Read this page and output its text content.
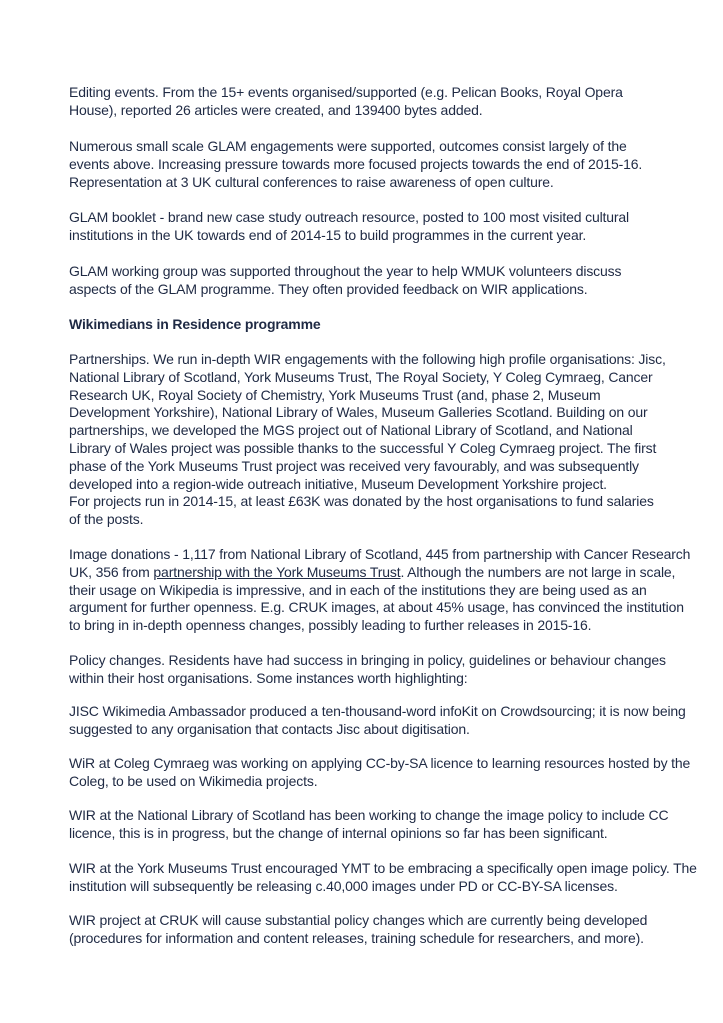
Editing events. From the 15+ events organised/supported (e.g. Pelican Books, Royal Opera
House), reported 26 articles were created, and 139400 bytes added.
Numerous small scale GLAM engagements were supported, outcomes consist largely of the
events above. Increasing pressure towards more focused projects towards the end of 2015-16.
Representation at 3 UK cultural conferences to raise awareness of open culture.
GLAM booklet - brand new case study outreach resource, posted to 100 most visited cultural
institutions in the UK towards end of 2014-15 to build programmes in the current year.
GLAM working group was supported throughout the year to help WMUK volunteers discuss
aspects of the GLAM programme. They often provided feedback on WIR applications.
Wikimedians in Residence programme
Partnerships. We run in-depth WIR engagements with the following high profile organisations: Jisc,
National Library of Scotland, York Museums Trust, The Royal Society, Y Coleg Cymraeg, Cancer
Research UK, Royal Society of Chemistry, York Museums Trust (and, phase 2, Museum
Development Yorkshire), National Library of Wales, Museum Galleries Scotland. Building on our
partnerships, we developed the MGS project out of National Library of Scotland, and National
Library of Wales project was possible thanks to the successful Y Coleg Cymraeg project. The first
phase of the York Museums Trust project was received very favourably, and was subsequently
developed into a region-wide outreach initiative, Museum Development Yorkshire project.
For projects run in 2014-15, at least £63K was donated by the host organisations to fund salaries
of the posts.
Image donations - 1,117 from National Library of Scotland, 445 from partnership with Cancer Research
UK, 356 from partnership with the York Museums Trust. Although the numbers are not large in scale,
their usage on Wikipedia is impressive, and in each of the institutions they are being used as an
argument for further openness. E.g. CRUK images, at about 45% usage, has convinced the institution
to bring in in-depth openness changes, possibly leading to further releases in 2015-16.
Policy changes. Residents have had success in bringing in policy, guidelines or behaviour changes
within their host organisations. Some instances worth highlighting:
JISC Wikimedia Ambassador produced a ten-thousand-word infoKit on Crowdsourcing; it is now being
suggested to any organisation that contacts Jisc about digitisation.
WiR at Coleg Cymraeg was working on applying CC-by-SA licence to learning resources hosted by the
Coleg, to be used on Wikimedia projects.
WIR at the National Library of Scotland has been working to change the image policy to include CC
licence, this is in progress, but the change of internal opinions so far has been significant.
WIR at the York Museums Trust encouraged YMT to be embracing a specifically open image policy. The
institution will subsequently be releasing c.40,000 images under PD or CC-BY-SA licenses.
WIR project at CRUK will cause substantial policy changes which are currently being developed
(procedures for information and content releases, training schedule for researchers, and more).
